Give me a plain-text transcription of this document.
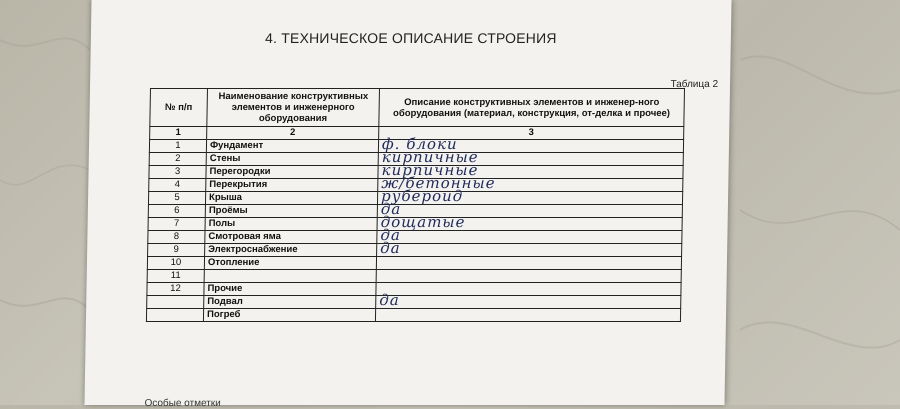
4. ТЕХНИЧЕСКОЕ ОПИСАНИЕ СТРОЕНИЯ
Таблица 2
№ п/п	Наименование конструктивных элементов и инженерного оборудования	Описание конструктивных элементов и инженер-ного оборудования (материал, конструкция, от-делка и прочее)
1	2	3
1	Фундамент	ф. блоки
2	Стены	кирпичные
3	Перегородки	кирпичные
4	Перекрытия	ж/бетонные
5	Крыша	рубероид
6	Проёмы	да
7	Полы	дощатые
8	Смотровая яма	да
9	Электроснабжение	да
10	Отопление	
11		
12	Прочие	
	Подвал	да
	Погреб	
Особые отметки
